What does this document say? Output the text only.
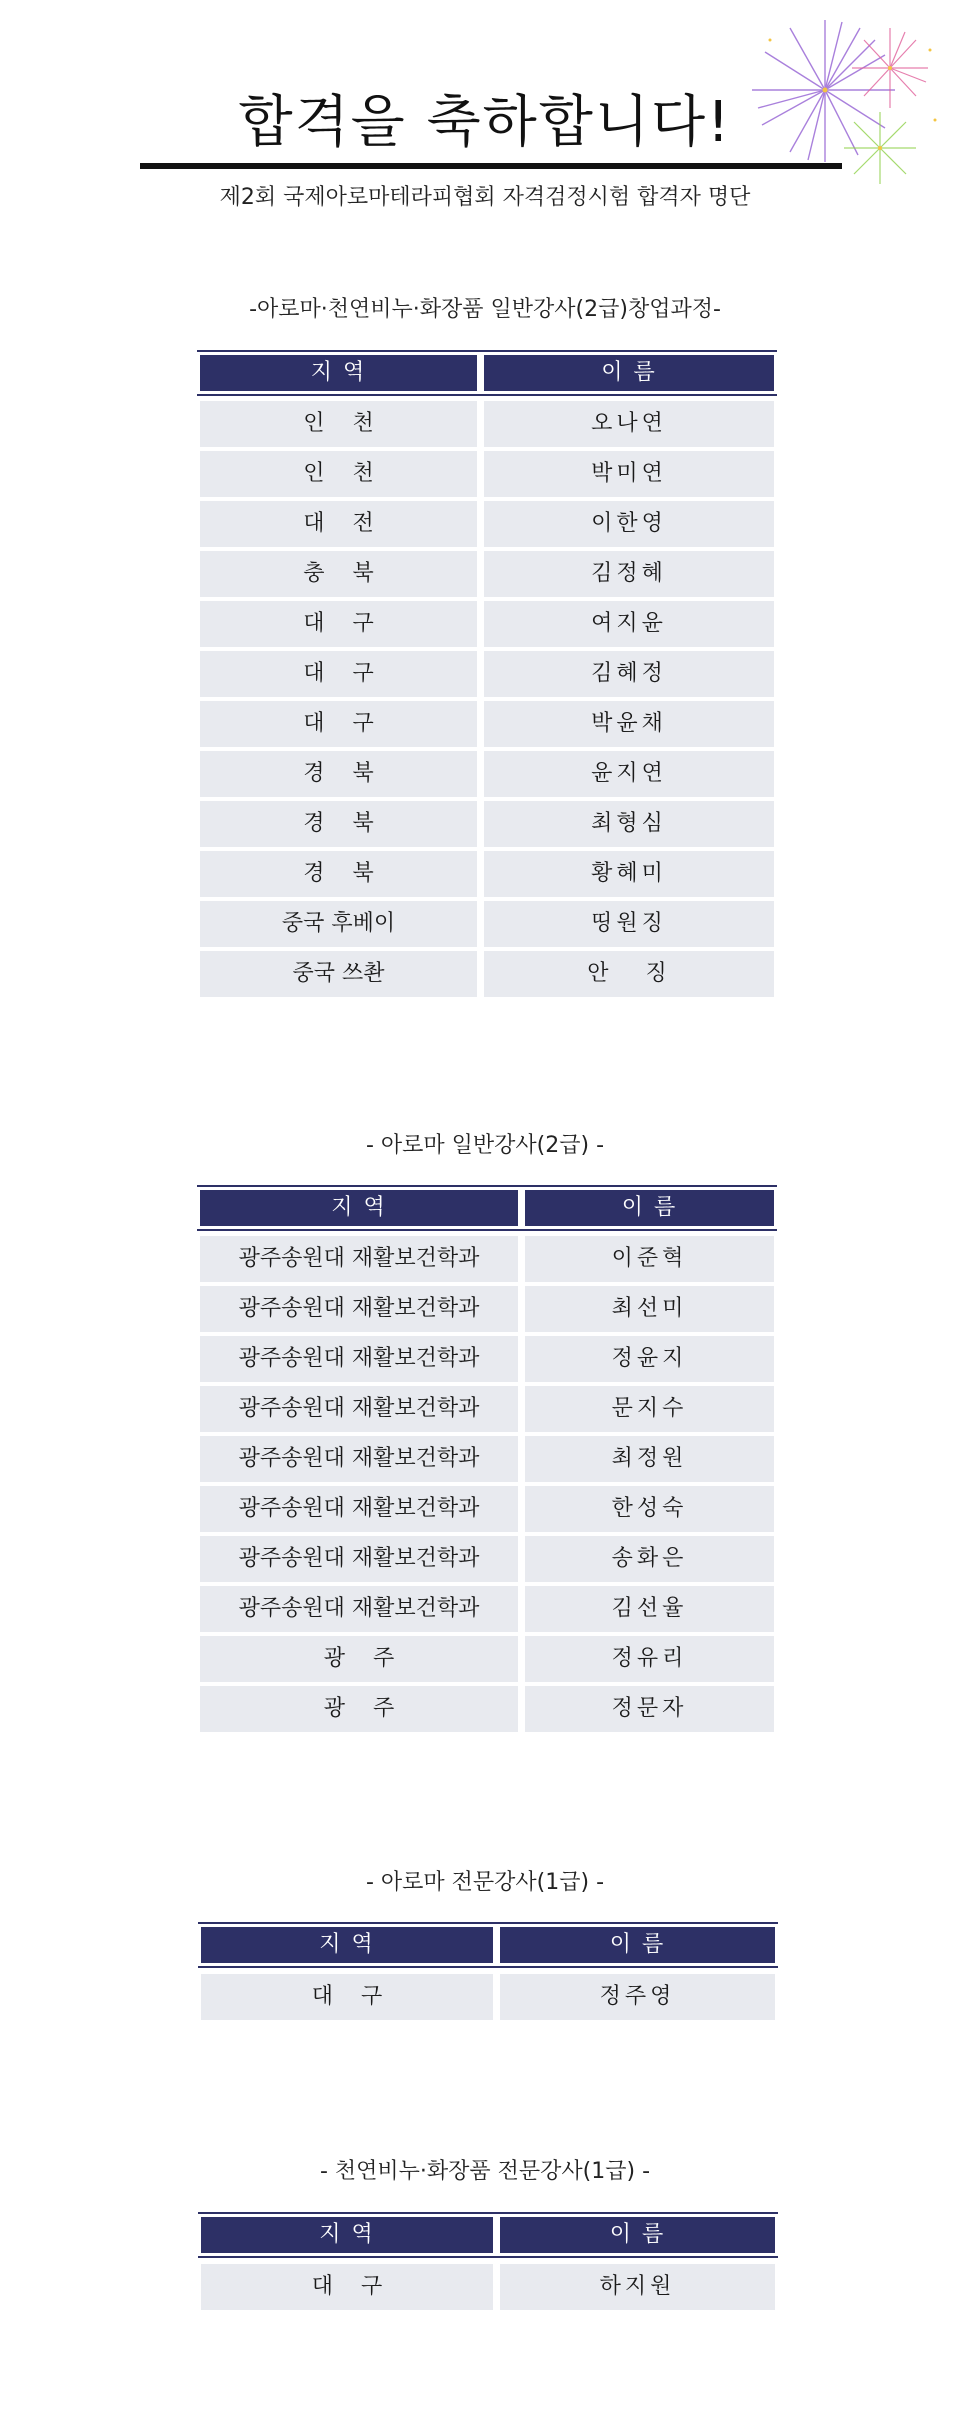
합격을 축하합니다!
제2회 국제아로마테라피협회 자격검정시험 합격자 명단
-아로마·천연비누·화장품 일반강사(2급)창업과정-
지 역	이 름
인    천	오나연
인    천	박미연
대    전	이한영
충    북	김정혜
대    구	여지윤
대    구	김혜정
대    구	박윤채
경    북	윤지연
경    북	최형심
경    북	황혜미
중국 후베이	띵원징
중국 쓰촨	안   징
- 아로마 일반강사(2급) -
지 역	이 름
광주송원대 재활보건학과	이준혁
광주송원대 재활보건학과	최선미
광주송원대 재활보건학과	정윤지
광주송원대 재활보건학과	문지수
광주송원대 재활보건학과	최정원
광주송원대 재활보건학과	한성숙
광주송원대 재활보건학과	송화은
광주송원대 재활보건학과	김선율
광    주	정유리
광    주	정문자
- 아로마 전문강사(1급) -
지 역	이 름
대    구	정주영
- 천연비누·화장품 전문강사(1급) -
지 역	이 름
대    구	하지원
